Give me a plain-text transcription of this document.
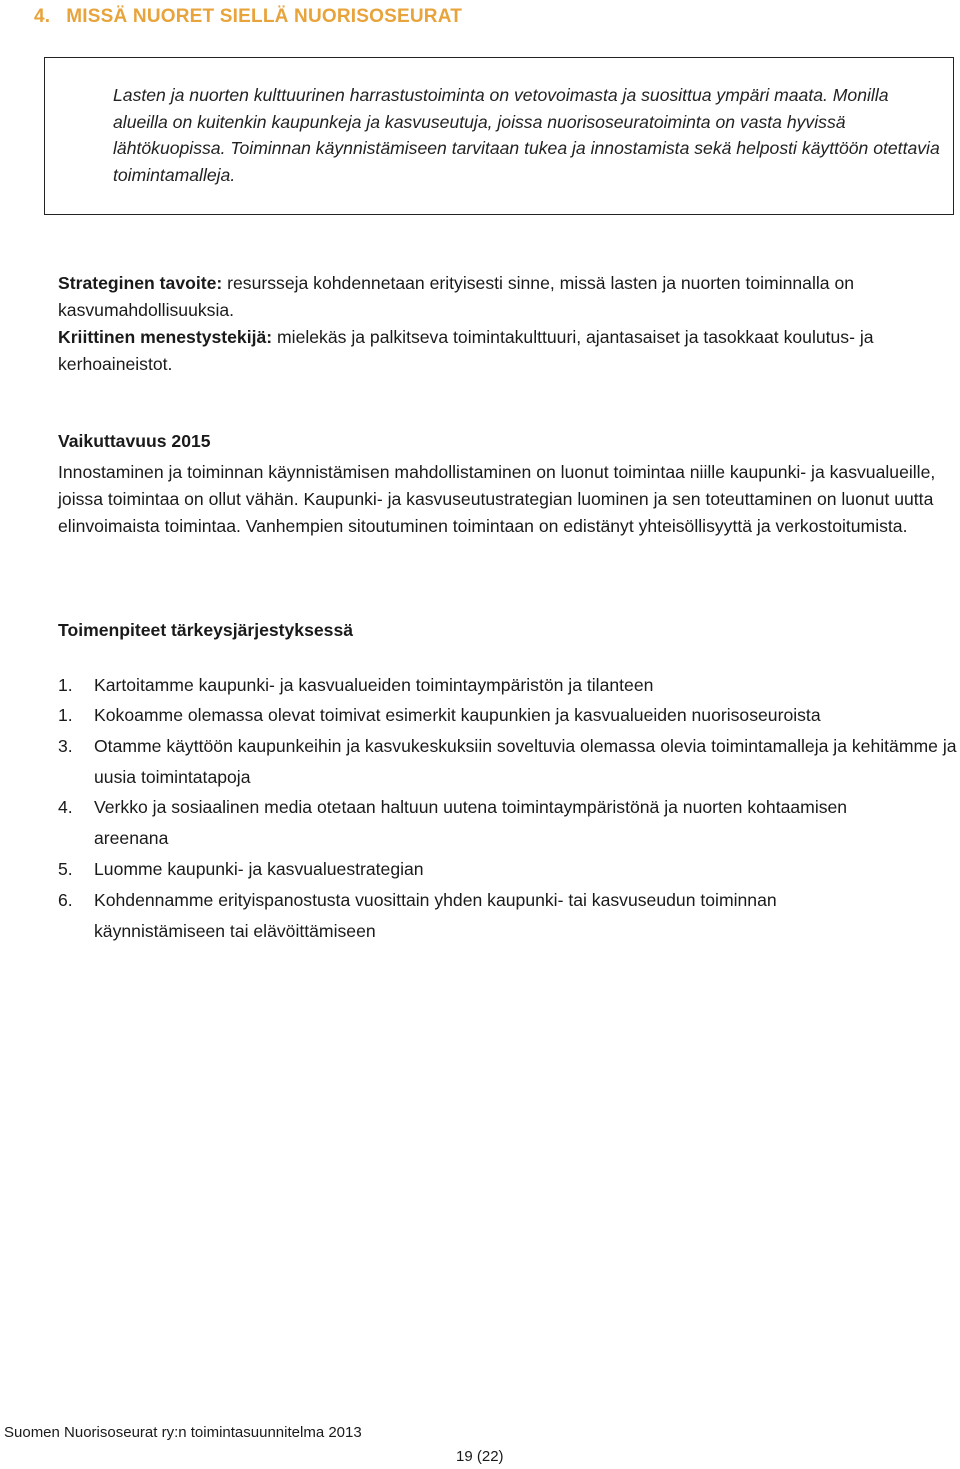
4. MISSÄ NUORET SIELLÄ NUORISOSEURAT

Lasten ja nuorten kulttuurinen harrastustoiminta on vetovoimasta ja suosittua ympäri maata. Monilla alueilla on kuitenkin kaupunkeja ja kasvuseutuja, joissa nuorisoseuratoiminta on vasta hyvissä lähtökuopissa. Toiminnan käynnistämiseen tarvitaan tukea ja innostamista sekä helposti käyttöön otettavia toimintamalleja.

Strateginen tavoite: resursseja kohdennetaan erityisesti sinne, missä lasten ja nuorten toiminnalla on kasvumahdollisuuksia.

Kriittinen menestystekijä: mielekäs ja palkitseva toimintakulttuuri, ajantasaiset ja tasokkaat koulutus- ja kerhoaineistot.

Vaikuttavuus 2015

Innostaminen ja toiminnan käynnistämisen mahdollistaminen on luonut toimintaa niille kaupunki- ja kasvualueille, joissa toimintaa on ollut vähän. Kaupunki- ja kasvuseutustrategian luominen ja sen toteuttaminen on luonut uutta elinvoimaista toimintaa. Vanhempien sitoutuminen toimintaan on edistänyt yhteisöllisyyttä ja verkostoitumista.

Toimenpiteet tärkeysjärjestyksessä
1. Kartoitamme kaupunki- ja kasvualueiden toimintaympäristön ja tilanteen
1. Kokoamme olemassa olevat toimivat esimerkit kaupunkien ja kasvualueiden nuorisoseuroista
3. Otamme käyttöön kaupunkeihin ja kasvukeskuksiin soveltuvia olemassa olevia toimintamalleja ja kehitämme ja uusia toimintatapoja
4. Verkko ja sosiaalinen media otetaan haltuun uutena toimintaympäristönä ja nuorten kohtaamisen areenana
5. Luomme kaupunki- ja kasvualuestrategian
6. Kohdennamme erityispanostusta vuosittain yhden kaupunki- tai kasvuseudun toiminnan käynnistämiseen tai elävöittämiseen
Suomen Nuorisoseurat ry:n toimintasuunnitelma 2013
19 (22)
